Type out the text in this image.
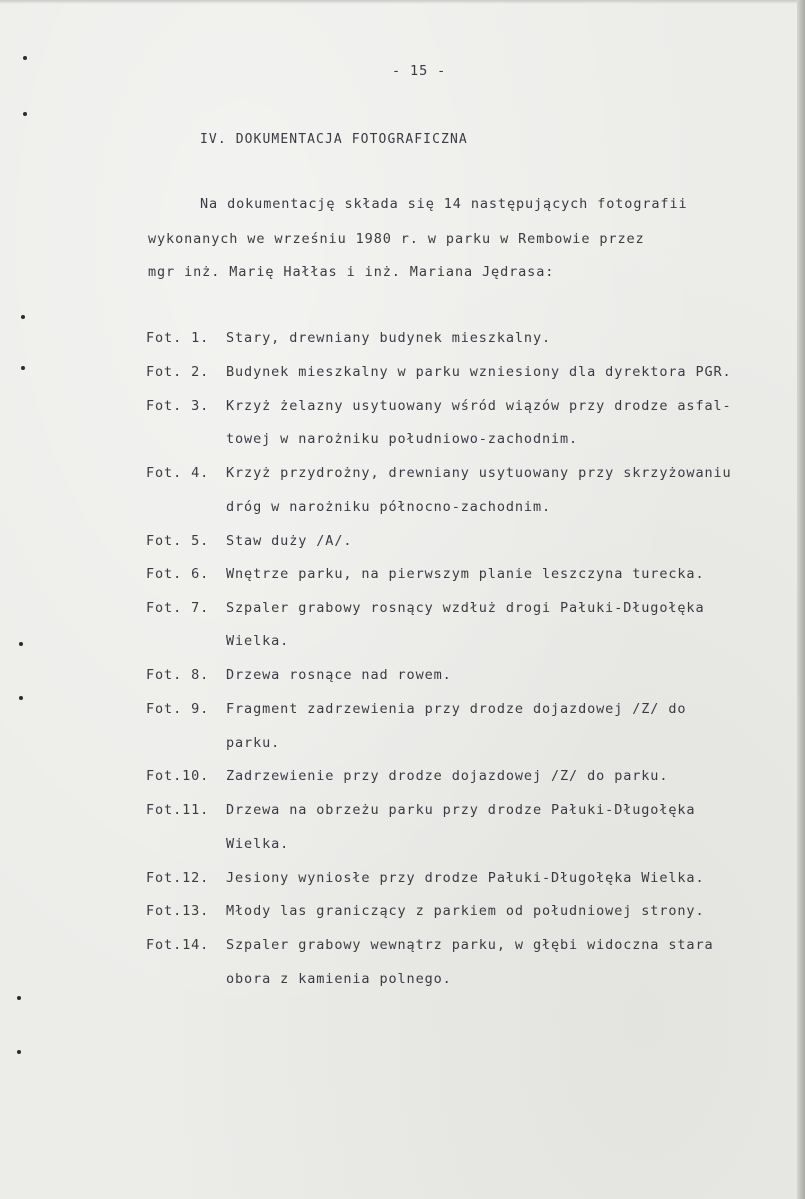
- 15 -
IV. DOKUMENTACJA FOTOGRAFICZNA
Na dokumentację składa się 14 następujących fotografii
wykonanych we wrześniu 1980 r. w parku w Rembowie przez
mgr inż. Marię Hałłas i inż. Mariana Jędrasa:
Fot. 1. Stary, drewniany budynek mieszkalny.
Fot. 2. Budynek mieszkalny w parku wzniesiony dla dyrektora PGR.
Fot. 3. Krzyż żelazny usytuowany wśród wiązów przy drodze asfal-
towej w narożniku południowo-zachodnim.
Fot. 4. Krzyż przydrożny, drewniany usytuowany przy skrzyżowaniu
dróg w narożniku północno-zachodnim.
Fot. 5. Staw duży /A/.
Fot. 6. Wnętrze parku, na pierwszym planie leszczyna turecka.
Fot. 7. Szpaler grabowy rosnący wzdłuż drogi Pałuki-Długołęka
Wielka.
Fot. 8. Drzewa rosnące nad rowem.
Fot. 9. Fragment zadrzewienia przy drodze dojazdowej /Z/ do
parku.
Fot.10. Zadrzewienie przy drodze dojazdowej /Z/ do parku.
Fot.11. Drzewa na obrzeżu parku przy drodze Pałuki-Długołęka
Wielka.
Fot.12. Jesiony wyniosłe przy drodze Pałuki-Długołęka Wielka.
Fot.13. Młody las graniczący z parkiem od południowej strony.
Fot.14. Szpaler grabowy wewnątrz parku, w głębi widoczna stara
obora z kamienia polnego.
